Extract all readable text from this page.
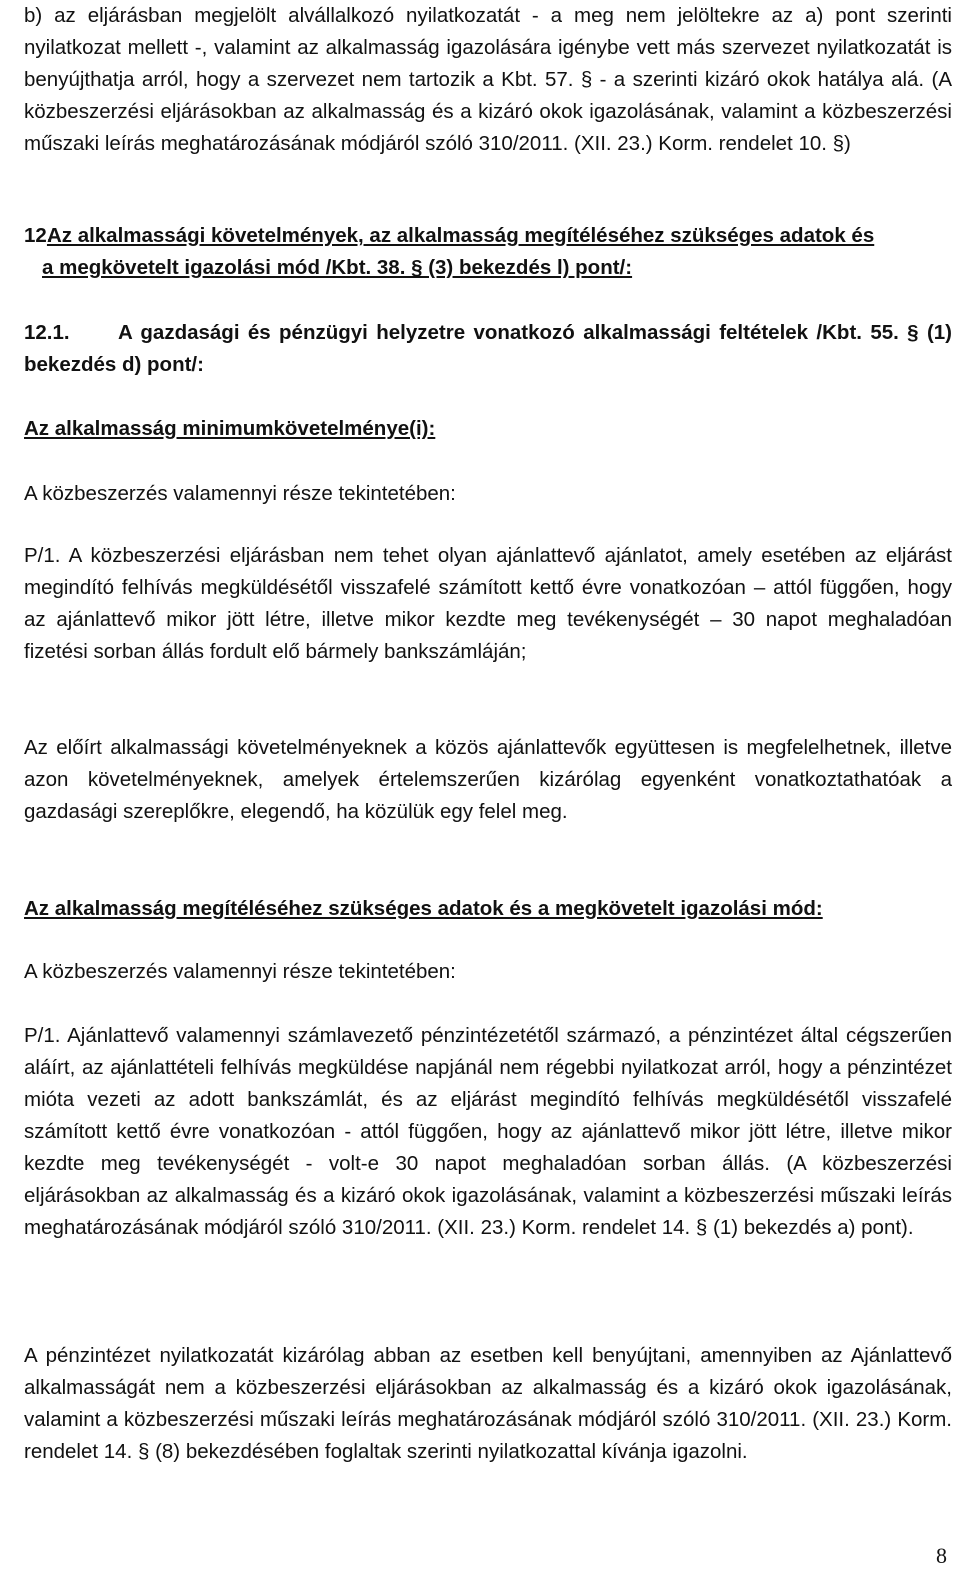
b) az eljárásban megjelölt alvállalkozó nyilatkozatát - a meg nem jelöltekre az a) pont szerinti nyilatkozat mellett -, valamint az alkalmasság igazolására igénybe vett más szervezet nyilatkozatát is benyújthatja arról, hogy a szervezet nem tartozik a Kbt. 57. § - a szerinti kizáró okok hatálya alá. (A közbeszerzési eljárásokban az alkalmasság és a kizáró okok igazolásának, valamint a közbeszerzési műszaki leírás meghatározásának módjáról szóló 310/2011. (XII. 23.) Korm. rendelet 10. §)

12. Az alkalmassági követelmények, az alkalmasság megítéléséhez szükséges adatok és

a megkövetelt igazolási mód /Kbt. 38. § (3) bekezdés l) pont/:

12.1. A gazdasági és pénzügyi helyzetre vonatkozó alkalmassági feltételek /Kbt. 55. § (1) bekezdés d) pont/:

Az alkalmasság minimumkövetelménye(i):

A közbeszerzés valamennyi része tekintetében:

P/1. A közbeszerzési eljárásban nem tehet olyan ajánlattevő ajánlatot, amely esetében az eljárást megindító felhívás megküldésétől visszafelé számított kettő évre vonatkozóan – attól függően, hogy az ajánlattevő mikor jött létre, illetve mikor kezdte meg tevékenységét – 30 napot meghaladóan fizetési sorban állás fordult elő bármely bankszámláján;

Az előírt alkalmassági követelményeknek a közös ajánlattevők együttesen is megfelelhetnek, illetve azon követelményeknek, amelyek értelemszerűen kizárólag egyenként vonatkoztathatóak a gazdasági szereplőkre, elegendő, ha közülük egy felel meg.

Az alkalmasság megítéléséhez szükséges adatok és a megkövetelt igazolási mód:

A közbeszerzés valamennyi része tekintetében:

P/1. Ajánlattevő valamennyi számlavezető pénzintézetétől származó, a pénzintézet által cégszerűen aláírt, az ajánlattételi felhívás megküldése napjánál nem régebbi nyilatkozat arról, hogy a pénzintézet mióta vezeti az adott bankszámlát, és az eljárást megindító felhívás megküldésétől visszafelé számított kettő évre vonatkozóan - attól függően, hogy az ajánlattevő mikor jött létre, illetve mikor kezdte meg tevékenységét - volt-e 30 napot meghaladóan sorban állás. (A közbeszerzési eljárásokban az alkalmasság és a kizáró okok igazolásának, valamint a közbeszerzési műszaki leírás meghatározásának módjáról szóló 310/2011. (XII. 23.) Korm. rendelet 14. § (1) bekezdés a) pont).

A pénzintézet nyilatkozatát kizárólag abban az esetben kell benyújtani, amennyiben az Ajánlattevő alkalmasságát nem a közbeszerzési eljárásokban az alkalmasság és a kizáró okok igazolásának, valamint a közbeszerzési műszaki leírás meghatározásának módjáról szóló 310/2011. (XII. 23.) Korm. rendelet 14. § (8) bekezdésében foglaltak szerinti nyilatkozattal kívánja igazolni.

8
